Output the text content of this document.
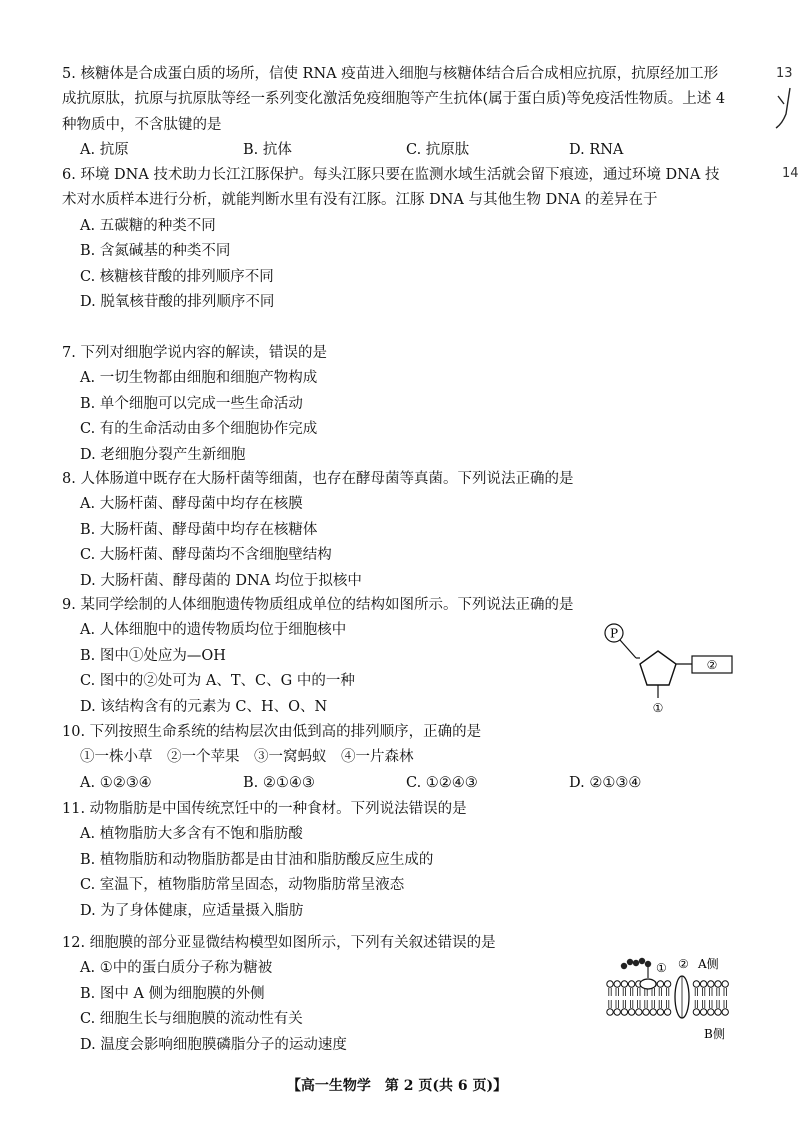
13
14

5. 核糖体是合成蛋白质的场所，信使 RNA 疫苗进入细胞与核糖体结合后合成相应抗原，抗原经加工形成抗原肽，抗原与抗原肽等经一系列变化激活免疫细胞等产生抗体(属于蛋白质)等免疫活性物质。上述 4 种物质中，不含肽键的是

A. 抗原	B. 抗体	C. 抗原肽	D. RNA

6. 环境 DNA 技术助力长江江豚保护。每头江豚只要在监测水域生活就会留下痕迹，通过环境 DNA 技术对水质样本进行分析，就能判断水里有没有江豚。江豚 DNA 与其他生物 DNA 的差异在于

A. 五碳糖的种类不同

B. 含氮碱基的种类不同

C. 核糖核苷酸的排列顺序不同

D. 脱氧核苷酸的排列顺序不同

7. 下列对细胞学说内容的解读，错误的是

A. 一切生物都由细胞和细胞产物构成

B. 单个细胞可以完成一些生命活动

C. 有的生命活动由多个细胞协作完成

D. 老细胞分裂产生新细胞

8. 人体肠道中既存在大肠杆菌等细菌，也存在酵母菌等真菌。下列说法正确的是

A. 大肠杆菌、酵母菌中均存在核膜

B. 大肠杆菌、酵母菌中均存在核糖体

C. 大肠杆菌、酵母菌均不含细胞壁结构

D. 大肠杆菌、酵母菌的 DNA 均位于拟核中

9. 某同学绘制的人体细胞遗传物质组成单位的结构如图所示。下列说法正确的是

A. 人体细胞中的遗传物质均位于细胞核中

B. 图中①处应为—OH

C. 图中的②处可为 A、T、C、G 中的一种

D. 该结构含有的元素为 C、H、O、N

P
②
①

10. 下列按照生命系统的结构层次由低到高的排列顺序，正确的是

①一株小草　②一个苹果　③一窝蚂蚁　④一片森林

A. ①②③④	B. ②①④③	C. ①②④③	D. ②①③④

11. 动物脂肪是中国传统烹饪中的一种食材。下列说法错误的是

A. 植物脂肪大多含有不饱和脂肪酸

B. 植物脂肪和动物脂肪都是由甘油和脂肪酸反应生成的

C. 室温下，植物脂肪常呈固态，动物脂肪常呈液态

D. 为了身体健康，应适量摄入脂肪

12. 细胞膜的部分亚显微结构模型如图所示，下列有关叙述错误的是

A. ①中的蛋白质分子称为糖被

B. 图中 A 侧为细胞膜的外侧

C. 细胞生长与细胞膜的流动性有关

D. 温度会影响细胞膜磷脂分子的运动速度

① ② A侧
B侧
【高一生物学　第 2 页(共 6 页)】
